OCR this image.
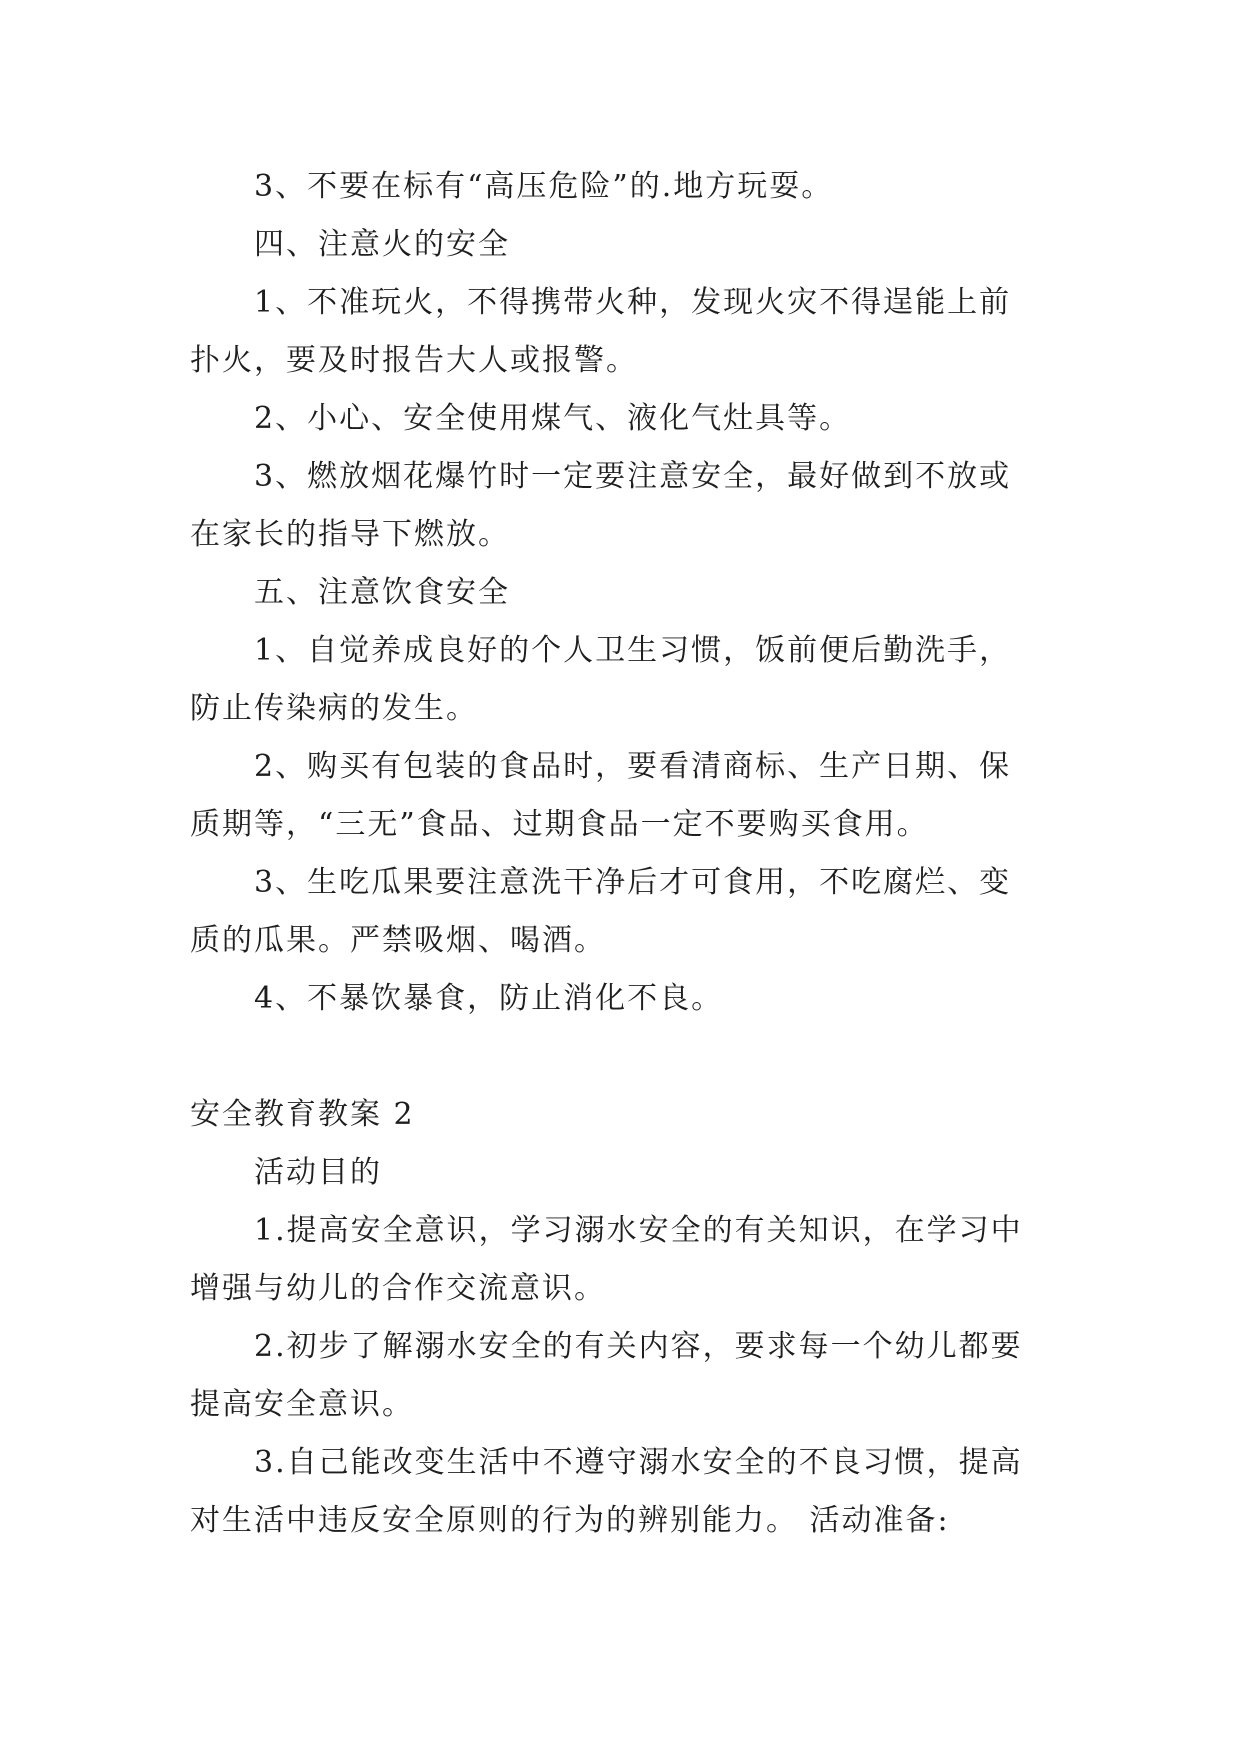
3、不要在标有“高压危险”的.地方玩耍。

四、注意火的安全

1、不准玩火，不得携带火种，发现火灾不得逞能上前
扑火，要及时报告大人或报警。

2、小心、安全使用煤气、液化气灶具等。

3、燃放烟花爆竹时一定要注意安全，最好做到不放或
在家长的指导下燃放。

五、注意饮食安全

1、自觉养成良好的个人卫生习惯，饭前便后勤洗手，
防止传染病的发生。
2、购买有包装的食品时，要看清商标、生产日期、保
质期等，“三无”食品、过期食品一定不要购买食用。
3、生吃瓜果要注意洗干净后才可食用，不吃腐烂、变
质的瓜果。严禁吸烟、喝酒。

4、不暴饮暴食，防止消化不良。

安全教育教案 2

活动目的

1.提高安全意识，学习溺水安全的有关知识，在学习中
增强与幼儿的合作交流意识。
2.初步了解溺水安全的有关内容，要求每一个幼儿都要
提高安全意识。
3.自己能改变生活中不遵守溺水安全的不良习惯，提高
对生活中违反安全原则的行为的辨别能力。 活动准备:
